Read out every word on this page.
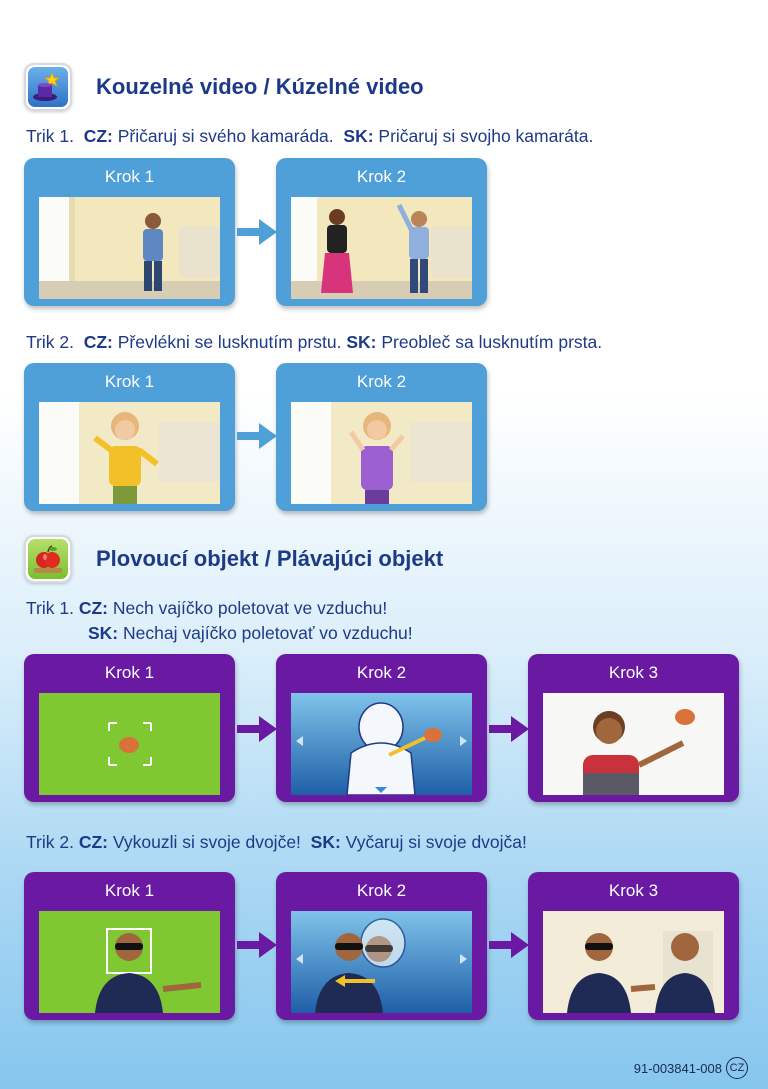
Kouzelné video / Kúzelné video
Trik 1. CZ: Přičaruj si svého kamaráda. SK: Pričaruj si svojho kamaráta.
Krok 1	Krok 2
Trik 2. CZ: Převlékni se lusknutím prstu. SK: Preobleč sa lusknutím prsta.
Krok 1	Krok 2
Plovoucí objekt / Plávajúci objekt
Trik 1. CZ: Nech vajíčko poletovat ve vzduchu!
SK: Nechaj vajíčko poletovať vo vzduchu!
Krok 1	Krok 2	Krok 3
Trik 2. CZ: Vykouzli si svoje dvojče! SK: Vyčaruj si svoje dvojča!
Krok 1	Krok 2	Krok 3
91-003841-008 CZ
